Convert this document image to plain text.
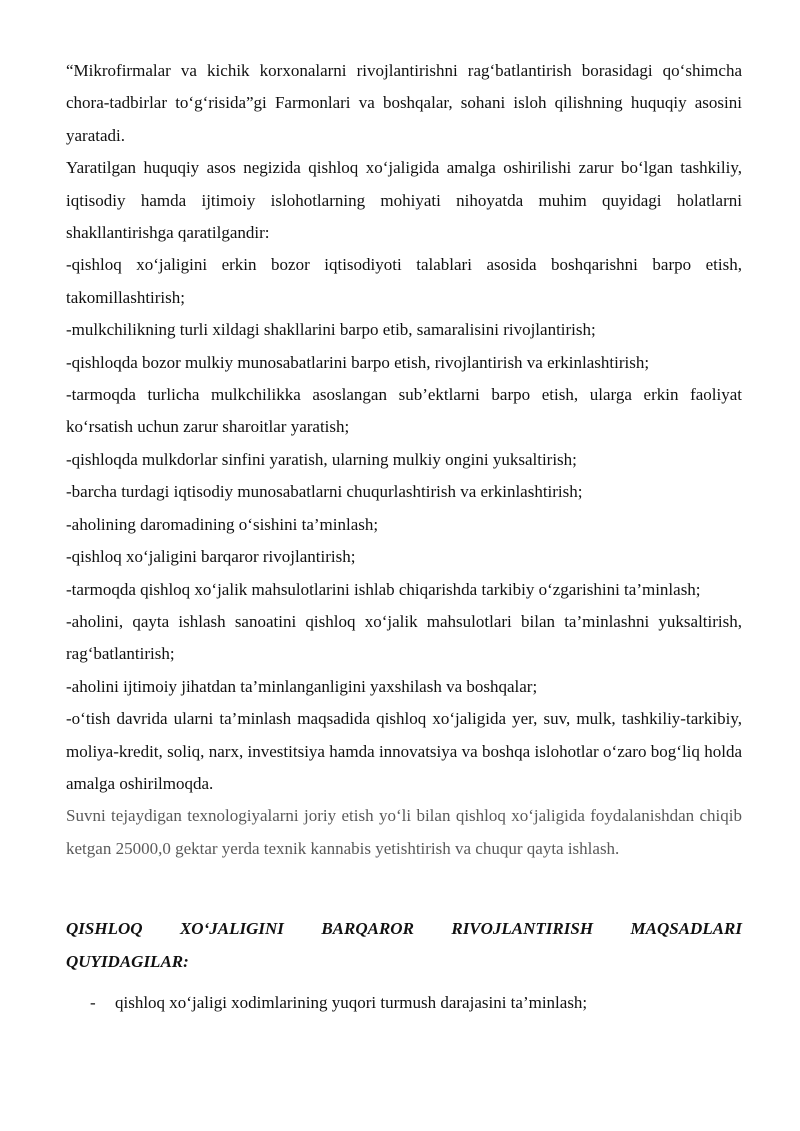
“Mikrofirmalar va kichik korxonalarni rivojlantirishni rag‘batlantirish borasidagi qo‘shimcha chora-tadbirlar to‘g‘risida”gi Farmonlari va boshqalar, sohani isloh qilishning huquqiy asosini yaratadi.

Yaratilgan huquqiy asos negizida qishloq xo‘jaligida amalga oshirilishi zarur bo‘lgan tashkiliy, iqtisodiy hamda ijtimoiy islohotlarning mohiyati nihoyatda muhim quyidagi holatlarni shakllantirishga qaratilgandir:

-qishloq xo‘jaligini erkin bozor iqtisodiyoti talablari asosida boshqarishni barpo etish, takomillashtirish;

-mulkchilikning turli xildagi shakllarini barpo etib, samaralisini rivojlantirish;

-qishloqda bozor mulkiy munosabatlarini barpo etish, rivojlantirish va erkinlashtirish;

-tarmoqda turlicha mulkchilikka asoslangan sub’ektlarni barpo etish, ularga erkin faoliyat ko‘rsatish uchun zarur sharoitlar yaratish;

-qishloqda mulkdorlar sinfini yaratish, ularning mulkiy ongini yuksaltirish;

-barcha turdagi iqtisodiy munosabatlarni chuqurlashtirish va erkinlashtirish;

-aholining daromadining o‘sishini ta’minlash;

-qishloq xo‘jaligini barqaror rivojlantirish;

-tarmoqda qishloq xo‘jalik mahsulotlarini ishlab chiqarishda tarkibiy o‘zgarishini ta’minlash;

-aholini, qayta ishlash sanoatini qishloq xo‘jalik mahsulotlari bilan ta’minlashni yuksaltirish, rag‘batlantirish;

-aholini ijtimoiy jihatdan ta’minlanganligini yaxshilash va boshqalar;

-o‘tish davrida ularni ta’minlash maqsadida qishloq xo‘jaligida yer, suv, mulk, tashkiliy-tarkibiy, moliya-kredit, soliq, narx, investitsiya hamda innovatsiya va boshqa islohotlar o‘zaro bog‘liq holda amalga oshirilmoqda.

Suvni tejaydigan texnologiyalarni joriy etish yo‘li bilan qishloq xo‘jaligida foydalanishdan chiqib ketgan 25000,0 gektar yerda texnik kannabis yetishtirish va chuqur qayta ishlash.

QISHLOQ XO‘JALIGINI BARQAROR RIVOJLANTIRISH MAQSADLARI
QUYIDAGILAR:

- qishloq xo‘jaligi xodimlarining yuqori turmush darajasini ta’minlash;
